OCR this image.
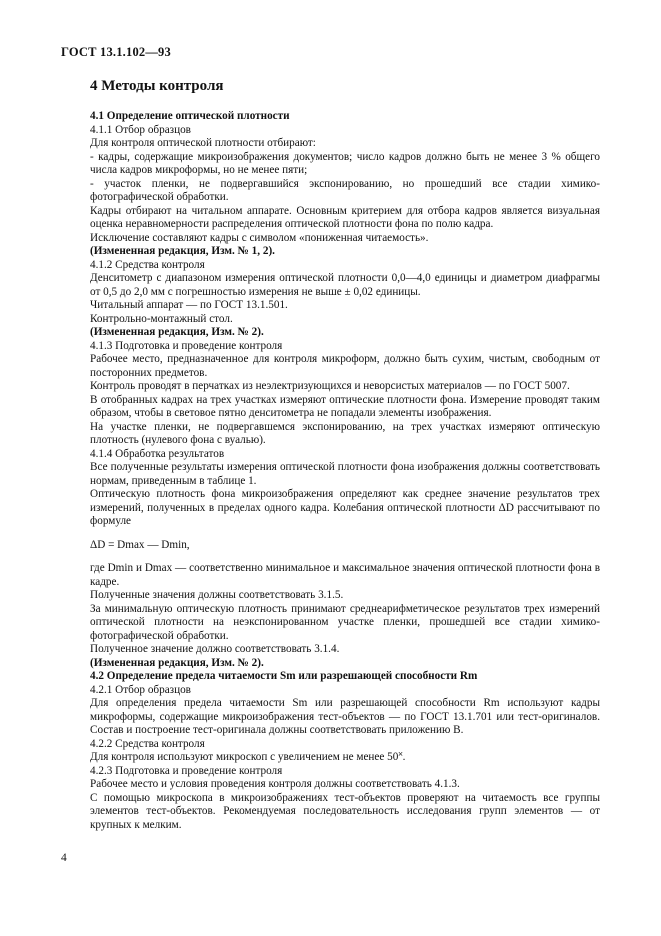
ГОСТ 13.1.102—93
4 Методы контроля

4.1 Определение оптической плотности

4.1.1 Отбор образцов

Для контроля оптической плотности отбирают:

- кадры, содержащие микроизображения документов; число кадров должно быть не менее 3 % общего числа кадров микроформы, но не менее пяти;

- участок пленки, не подвергавшийся экспонированию, но прошедший все стадии химико-фотографической обработки.

Кадры отбирают на читальном аппарате. Основным критерием для отбора кадров является визуальная оценка неравномерности распределения оптической плотности фона по полю кадра.

Исключение составляют кадры с символом «пониженная читаемость».

(Измененная редакция, Изм. № 1, 2).

4.1.2 Средства контроля

Денситометр с диапазоном измерения оптической плотности 0,0—4,0 единицы и диаметром диафрагмы от 0,5 до 2,0 мм с погрешностью измерения не выше ± 0,02 единицы.

Читальный аппарат — по ГОСТ 13.1.501.

Контрольно-монтажный стол.

(Измененная редакция, Изм. № 2).

4.1.3 Подготовка и проведение контроля

Рабочее место, предназначенное для контроля микроформ, должно быть сухим, чистым, свободным от посторонних предметов.

Контроль проводят в перчатках из неэлектризующихся и неворсистых материалов — по ГОСТ 5007.

В отобранных кадрах на трех участках измеряют оптические плотности фона. Измерение проводят таким образом, чтобы в световое пятно денситометра не попадали элементы изображения.

На участке пленки, не подвергавшемся экспонированию, на трех участках измеряют оптическую плотность (нулевого фона с вуалью).

4.1.4 Обработка результатов

Все полученные результаты измерения оптической плотности фона изображения должны соответствовать нормам, приведенным в таблице 1.

Оптическую плотность фона микроизображения определяют как среднее значение результатов трех измерений, полученных в пределах одного кадра. Колебания оптической плотности ΔD рассчитывают по формуле

ΔD = Dmax — Dmin,

где Dmin и Dmax — соответственно минимальное и максимальное значения оптической плотности фона в кадре.

Полученные значения должны соответствовать 3.1.5.

За минимальную оптическую плотность принимают среднеарифметическое результатов трех измерений оптической плотности на неэкспонированном участке пленки, прошедшей все стадии химико-фотографической обработки.

Полученное значение должно соответствовать 3.1.4.

(Измененная редакция, Изм. № 2).

4.2 Определение предела читаемости Sm или разрешающей способности Rm

4.2.1 Отбор образцов

Для определения предела читаемости Sm или разрешающей способности Rm используют кадры микроформы, содержащие микроизображения тест-объектов — по ГОСТ 13.1.701 или тест-оригиналов. Состав и построение тест-оригинала должны соответствовать приложению В.

4.2.2 Средства контроля

Для контроля используют микроскоп с увеличением не менее 50˟.

4.2.3 Подготовка и проведение контроля

Рабочее место и условия проведения контроля должны соответствовать 4.1.3.

С помощью микроскопа в микроизображениях тест-объектов проверяют на читаемость все группы элементов тест-объектов. Рекомендуемая последовательность исследования групп элементов — от крупных к мелким.

4
